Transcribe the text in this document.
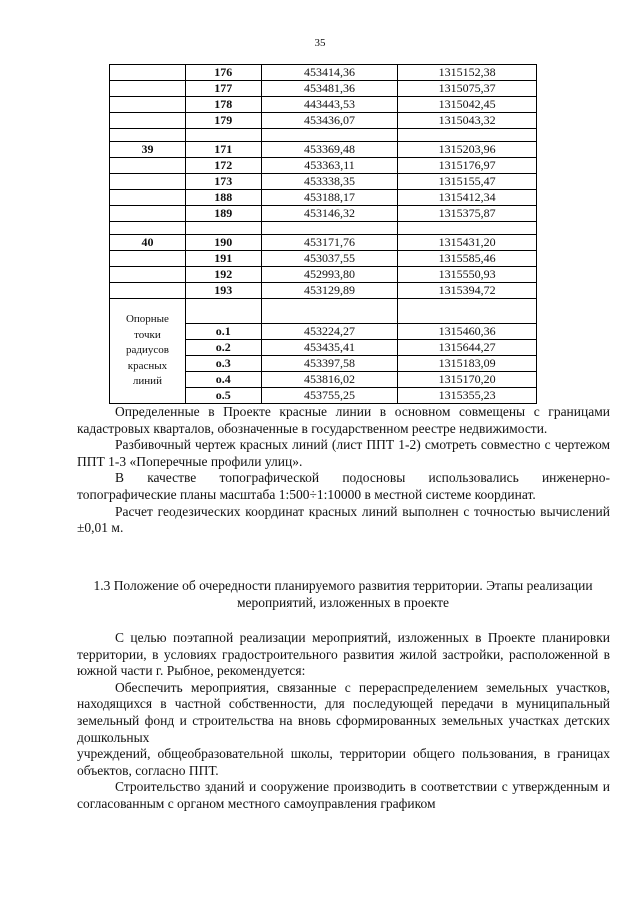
35
	176	453414,36	1315152,38
	177	453481,36	1315075,37
	178	443443,53	1315042,45
	179	453436,07	1315043,32

39	171	453369,48	1315203,96
	172	453363,11	1315176,97
	173	453338,35	1315155,47
	188	453188,17	1315412,34
	189	453146,32	1315375,87

40	190	453171,76	1315431,20
	191	453037,55	1315585,46
	192	452993,80	1315550,93
	193	453129,89	1315394,72

Опорные
точки
радиусов
красных
линий			

	о.1	453224,27	1315460,36
	о.2	453435,41	1315644,27
	о.3	453397,58	1315183,09
	о.4	453816,02	1315170,20
	о.5	453755,25	1315355,23

Определенные в Проекте красные линии в основном совмещены с границами кадастровых кварталов, обозначенные в государственном реестре недвижимости.

Разбивочный чертеж красных линий (лист ППТ 1-2) смотреть совместно с чертежом ППТ 1-3 «Поперечные профили улиц».

В качестве топографической подосновы использовались инженерно-топографические планы масштаба 1:500÷1:10000 в местной системе координат.

Расчет геодезических координат красных линий выполнен с точностью вычислений ±0,01 м.

1.3 Положение об очередности планируемого развития территории. Этапы реализации мероприятий, изложенных в проекте

С целью поэтапной реализации мероприятий, изложенных в Проекте планировки территории, в условиях градостроительного развития жилой застройки, расположенной в южной части г. Рыбное, рекомендуется:

Обеспечить мероприятия, связанные с перераспределением земельных участков, находящихся в частной собственности, для последующей передачи в муниципальный земельный фонд и строительства на вновь сформированных земельных участках детских дошкольных

учреждений, общеобразовательной школы, территории общего пользования, в границах объектов, согласно ППТ.

Строительство зданий и сооружение производить в соответствии с утвержденным и согласованным с органом местного самоуправления графиком
